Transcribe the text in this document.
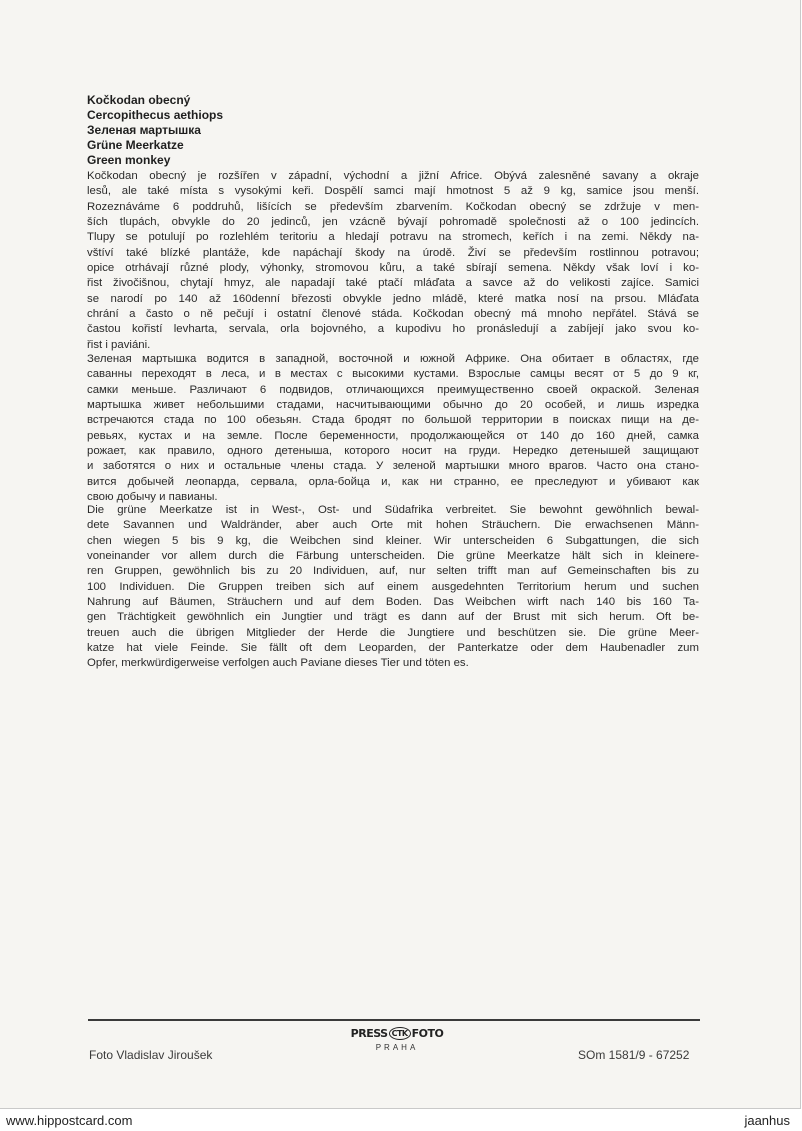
Kočkodan obecný
Cercopithecus aethiops
Зеленая мартышка
Grüne Meerkatze
Green monkey
Kočkodan obecný je rozšířen v západní, východní a jižní Africe. Obývá zalesněné savany a okraje
lesů, ale také místa s vysokými keři. Dospělí samci mají hmotnost 5 až 9 kg, samice jsou menší.
Rozeznáváme 6 poddruhů, lišících se především zbarvením. Kočkodan obecný se zdržuje v men-
ších tlupách, obvykle do 20 jedinců, jen vzácně bývají pohromadě společnosti až o 100 jedincích.
Tlupy se potulují po rozlehlém teritoriu a hledají potravu na stromech, keřích i na zemi. Někdy na-
vštíví také blízké plantáže, kde napáchají škody na úrodě. Živí se především rostlinnou potravou;
opice otrhávají různé plody, výhonky, stromovou kůru, a také sbírají semena. Někdy však loví i ko-
řist živočišnou, chytají hmyz, ale napadají také ptačí mláďata a savce až do velikosti zajíce. Samici
se narodí po 140 až 160denní březosti obvykle jedno mládě, které matka nosí na prsou. Mláďata
chrání a často o ně pečují i ostatní členové stáda. Kočkodan obecný má mnoho nepřátel. Stává se
častou kořistí levharta, servala, orla bojovného, a kupodivu ho pronásledují a zabíjejí jako svou ko-
řist i paviáni.
Зеленая мартышка водится в западной, восточной и южной Африке. Она обитает в областях, где
саванны переходят в леса, и в местах с высокими кустами. Взрослые самцы весят от 5 до 9 кг,
самки меньше. Различают 6 подвидов, отличающихся преимущественно своей окраской. Зеленая
мартышка живет небольшими стадами, насчитывающими обычно до 20 особей, и лишь изредка
встречаются стада по 100 обезьян. Стада бродят по большой территории в поисках пищи на де-
ревьях, кустах и на земле. После беременности, продолжающейся от 140 до 160 дней, самка
рожает, как правило, одного детеныша, которого носит на груди. Нередко детенышей защищают
и заботятся о них и остальные члены стада. У зеленой мартышки много врагов. Часто она стано-
вится добычей леопарда, сервала, орла-бойца и, как ни странно, ее преследуют и убивают как
свою добычу и павианы.
Die grüne Meerkatze ist in West-, Ost- und Südafrika verbreitet. Sie bewohnt gewöhnlich bewal-
dete Savannen und Waldränder, aber auch Orte mit hohen Sträuchern. Die erwachsenen Männ-
chen wiegen 5 bis 9 kg, die Weibchen sind kleiner. Wir unterscheiden 6 Subgattungen, die sich
voneinander vor allem durch die Färbung unterscheiden. Die grüne Meerkatze hält sich in kleinere-
ren Gruppen, gewöhnlich bis zu 20 Individuen, auf, nur selten trifft man auf Gemeinschaften bis zu
100 Individuen. Die Gruppen treiben sich auf einem ausgedehnten Territorium herum und suchen
Nahrung auf Bäumen, Sträuchern und auf dem Boden. Das Weibchen wirft nach 140 bis 160 Ta-
gen Trächtigkeit gewöhnlich ein Jungtier und trägt es dann auf der Brust mit sich herum. Oft be-
treuen auch die übrigen Mitglieder der Herde die Jungtiere und beschützen sie. Die grüne Meer-
katze hat viele Feinde. Sie fällt oft dem Leoparden, der Panterkatze oder dem Haubenadler zum
Opfer, merkwürdigerweise verfolgen auch Paviane dieses Tier und töten es.
Foto Vladislav Jiroušek
PRESS CTK FOTO
PRAHA
SOm 1581/9 - 67252
www.hippostcard.com	jaanhus
